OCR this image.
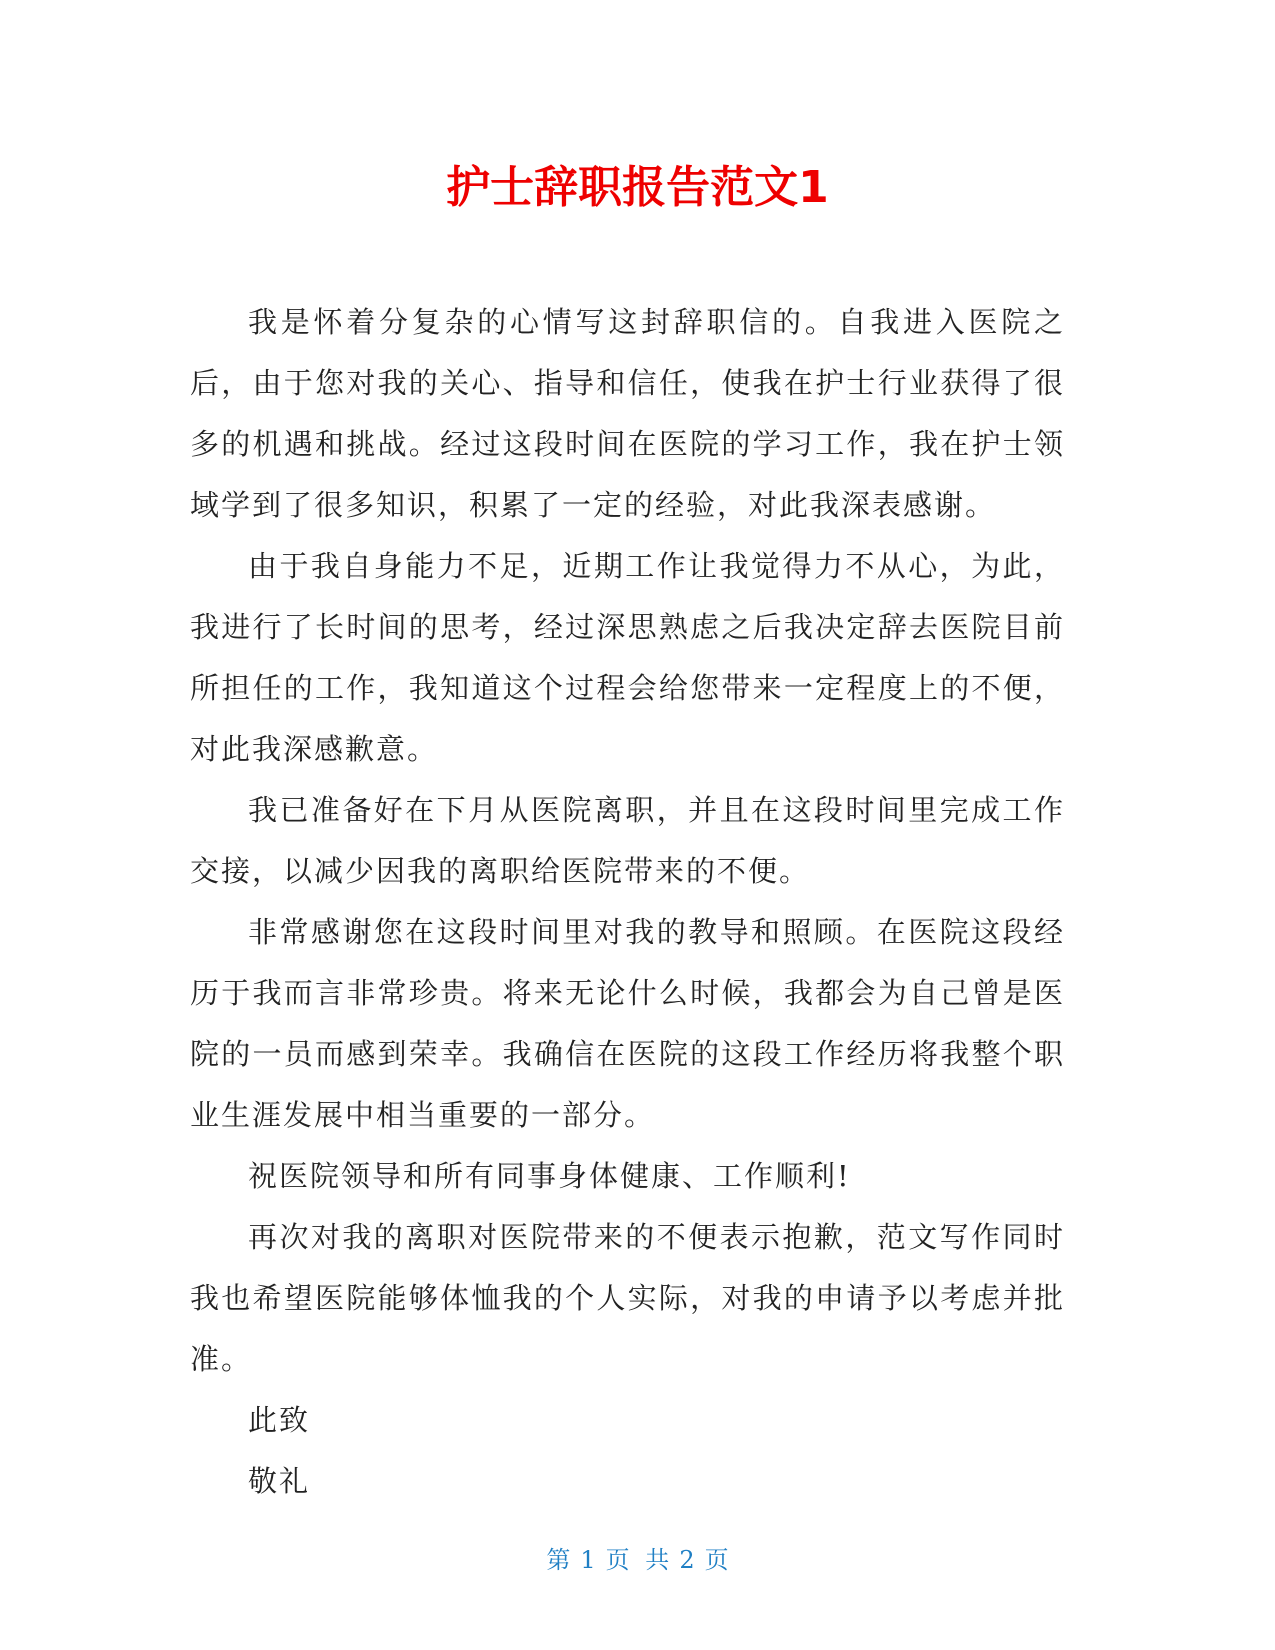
护士辞职报告范文1

我是怀着分复杂的心情写这封辞职信的。自我进入医院之后，由于您对我的关心、指导和信任，使我在护士行业获得了很多的机遇和挑战。经过这段时间在医院的学习工作，我在护士领域学到了很多知识，积累了一定的经验，对此我深表感谢。

由于我自身能力不足，近期工作让我觉得力不从心，为此，我进行了长时间的思考，经过深思熟虑之后我决定辞去医院目前所担任的工作，我知道这个过程会给您带来一定程度上的不便，对此我深感歉意。

我已准备好在下月从医院离职，并且在这段时间里完成工作交接，以减少因我的离职给医院带来的不便。

非常感谢您在这段时间里对我的教导和照顾。在医院这段经历于我而言非常珍贵。将来无论什么时候，我都会为自己曾是医院的一员而感到荣幸。我确信在医院的这段工作经历将我整个职业生涯发展中相当重要的一部分。

祝医院领导和所有同事身体健康、工作顺利!

再次对我的离职对医院带来的不便表示抱歉，范文写作同时我也希望医院能够体恤我的个人实际，对我的申请予以考虑并批准。

此致

敬礼

第 1 页 共 2 页
